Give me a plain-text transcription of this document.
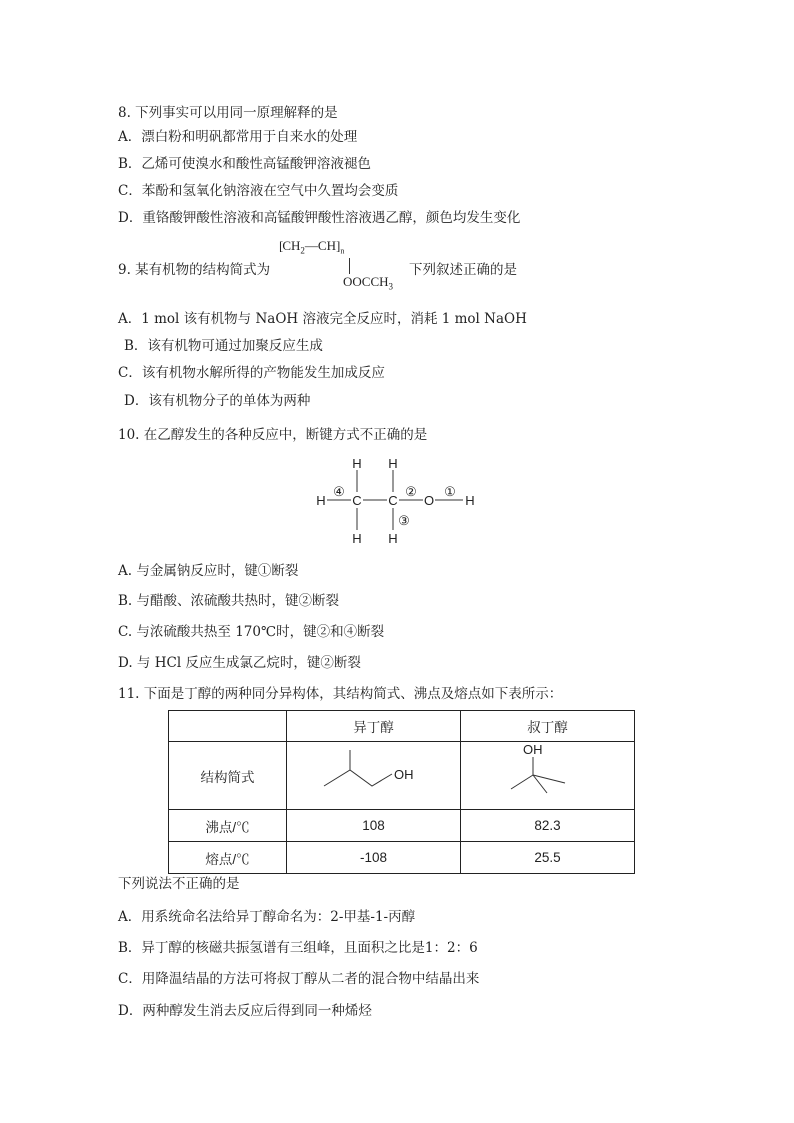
8. 下列事实可以用同一原理解释的是
A．漂白粉和明矾都常用于自来水的处理
B．乙烯可使溴水和酸性高锰酸钾溶液褪色
C．苯酚和氢氧化钠溶液在空气中久置均会变质
D．重铬酸钾酸性溶液和高锰酸钾酸性溶液遇乙醇，颜色均发生变化
9. 某有机物的结构简式为
$[CH_2—CH]_n$
$OOCCH_3$
下列叙述正确的是
A．1 mol 该有机物与 NaOH 溶液完全反应时，消耗 1 mol NaOH
B．该有机物可通过加聚反应生成
C．该有机物水解所得的产物能发生加成反应
D．该有机物分子的单体为两种
10. 在乙醇发生的各种反应中，断键方式不正确的是
H H
H C C O H
H H
④	②
③
①
A. 与金属钠反应时，键①断裂
B. 与醋酸、浓硫酸共热时，键②断裂
C. 与浓硫酸共热至 170℃时，键②和④断裂
D. 与 HCl 反应生成氯乙烷时，键②断裂
11. 下面是丁醇的两种同分异构体，其结构简式、沸点及熔点如下表所示：
	异丁醇	叔丁醇
结构简式	OH	OH

沸点/℃	108	82.3
熔点/℃	-108	25.5
下列说法不正确的是
A．用系统命名法给异丁醇命名为：2-甲基-1-丙醇
B．异丁醇的核磁共振氢谱有三组峰，且面积之比是1：2：6
C．用降温结晶的方法可将叔丁醇从二者的混合物中结晶出来
D．两种醇发生消去反应后得到同一种烯烃
